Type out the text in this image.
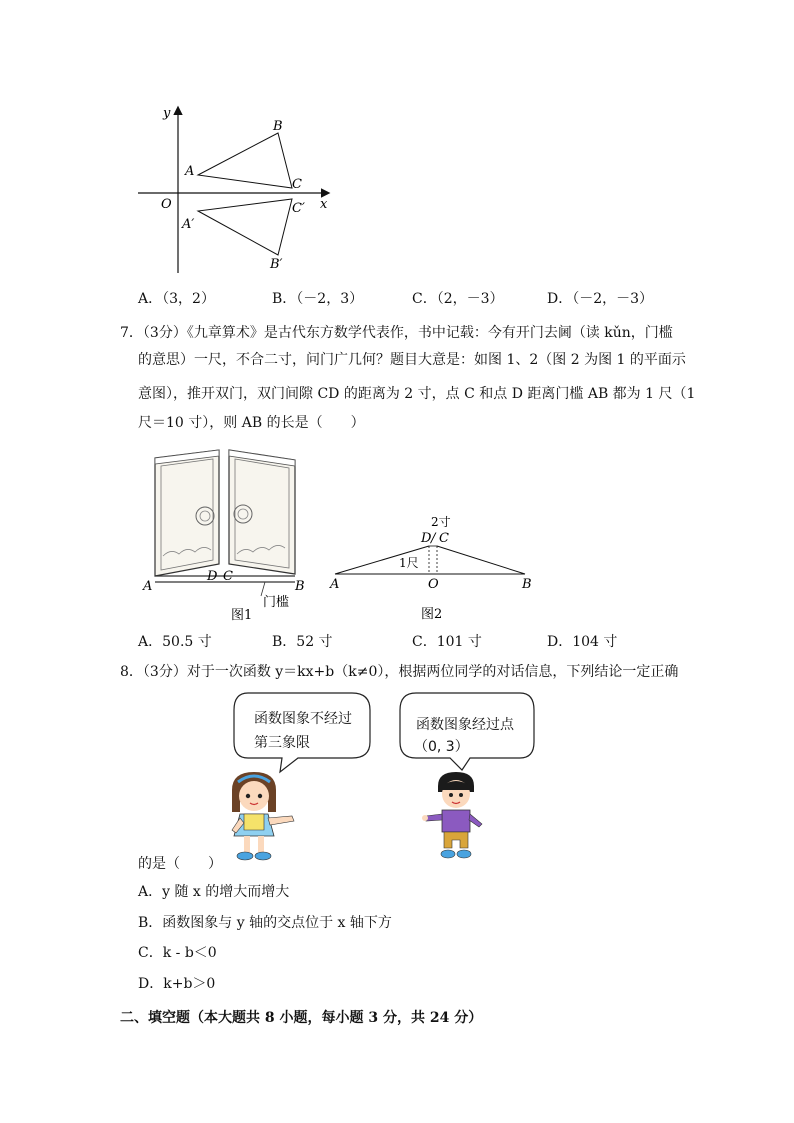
y
x
O
A
B
C
A′
B′
C′
A．（3，2）	B．（－2，3）	C．（2，－3）	D．（－2，－3）
7．（3分）《九章算术》是古代东方数学代表作，书中记载：今有开门去阃（读 kǔn，门槛
的意思）一尺，不合二寸，问门广几何？题目大意是：如图 1、2（图 2 为图 1 的平面示
意图），推开双门，双门间隙 CD 的距离为 2 寸，点 C 和点 D 距离门槛 AB 都为 1 尺（1
尺＝10 寸），则 AB 的长是（　　）
A	B
D C
门槛
图1
2寸
D / C
1尺
A	O	B
图2
A．50.5 寸	B．52 寸	C．101 寸	D．104 寸
8．（3分）对于一次函数 y＝kx+b（k≠0），根据两位同学的对话信息，下列结论一定正确
函数图象不经过
第三象限
函数图象经过点
（0, 3）
的是（　　）
A．y 随 x 的增大而增大
B．函数图象与 y 轴的交点位于 x 轴下方
C．k - b＜0
D．k+b＞0
二、填空题（本大题共 8 小题，每小题 3 分，共 24 分）
